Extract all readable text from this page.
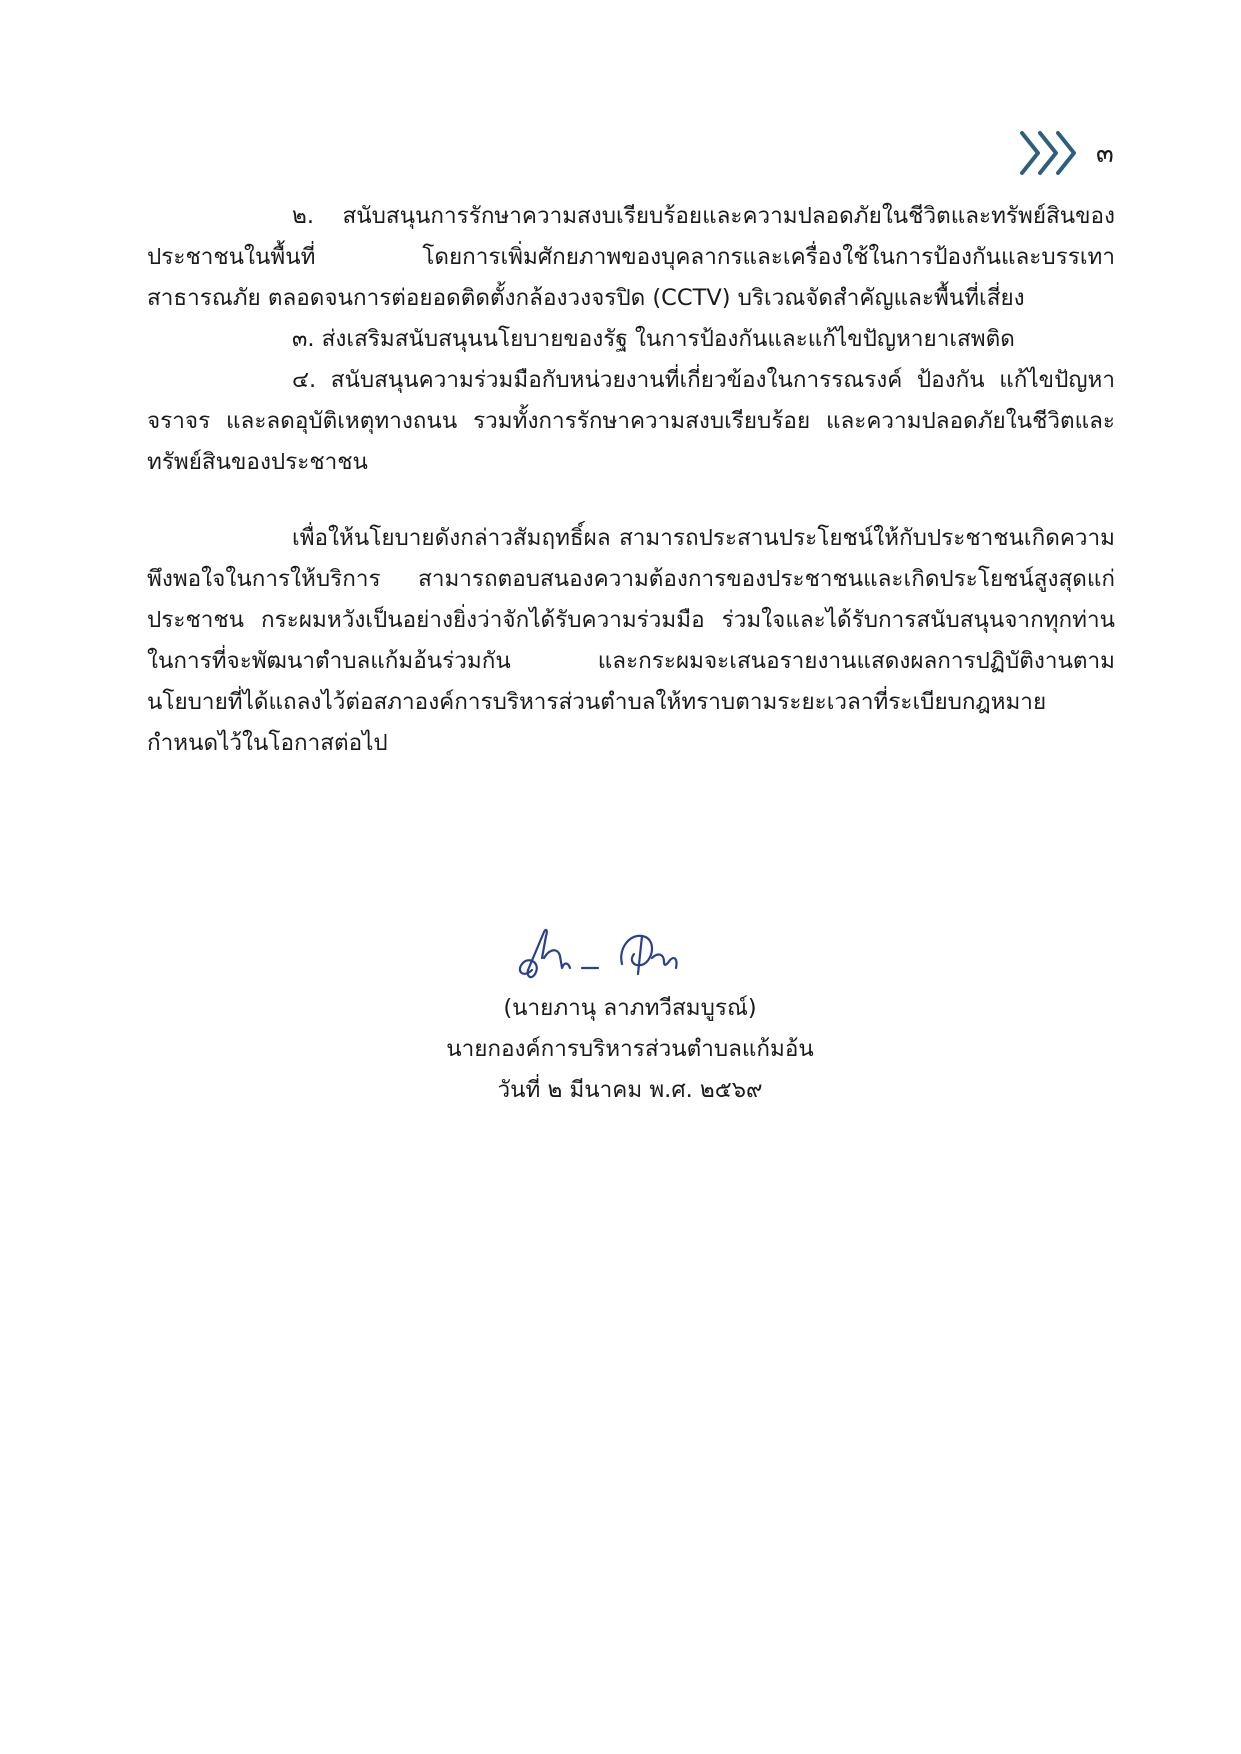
๓

๒. สนับสนุนการรักษาความสงบเรียบร้อยและความปลอดภัยในชีวิตและทรัพย์สินของประชาชนในพื้นที่ โดยการเพิ่มศักยภาพของบุคลากรและเครื่องใช้ในการป้องกันและบรรเทาสาธารณภัย ตลอดจนการต่อยอดติดตั้งกล้องวงจรปิด (CCTV) บริเวณจัดสำคัญและพื้นที่เสี่ยง

๓. ส่งเสริมสนับสนุนนโยบายของรัฐ ในการป้องกันและแก้ไขปัญหายาเสพติด

๔. สนับสนุนความร่วมมือกับหน่วยงานที่เกี่ยวข้องในการรณรงค์ ป้องกัน แก้ไขปัญหาจราจร และลดอุบัติเหตุทางถนน รวมทั้งการรักษาความสงบเรียบร้อย และความปลอดภัยในชีวิตและทรัพย์สินของประชาชน

เพื่อให้นโยบายดังกล่าวสัมฤทธิ์ผล สามารถประสานประโยชน์ให้กับประชาชนเกิดความพึงพอใจในการให้บริการ สามารถตอบสนองความต้องการของประชาชนและเกิดประโยชน์สูงสุดแก่ประชาชน กระผมหวังเป็นอย่างยิ่งว่าจักได้รับความร่วมมือ ร่วมใจและได้รับการสนับสนุนจากทุกท่านในการที่จะพัฒนาตำบลแก้มอ้นร่วมกัน และกระผมจะเสนอรายงานแสดงผลการปฏิบัติงานตามนโยบายที่ได้แถลงไว้ต่อสภาองค์การบริหารส่วนตำบลให้ทราบตามระยะเวลาที่ระเบียบกฎหมายกำหนดไว้ในโอกาสต่อไป

(นายภานุ ลาภทวีสมบูรณ์)
นายกองค์การบริหารส่วนตำบลแก้มอ้น
วันที่ ๒ มีนาคม พ.ศ. ๒๕๖๙
